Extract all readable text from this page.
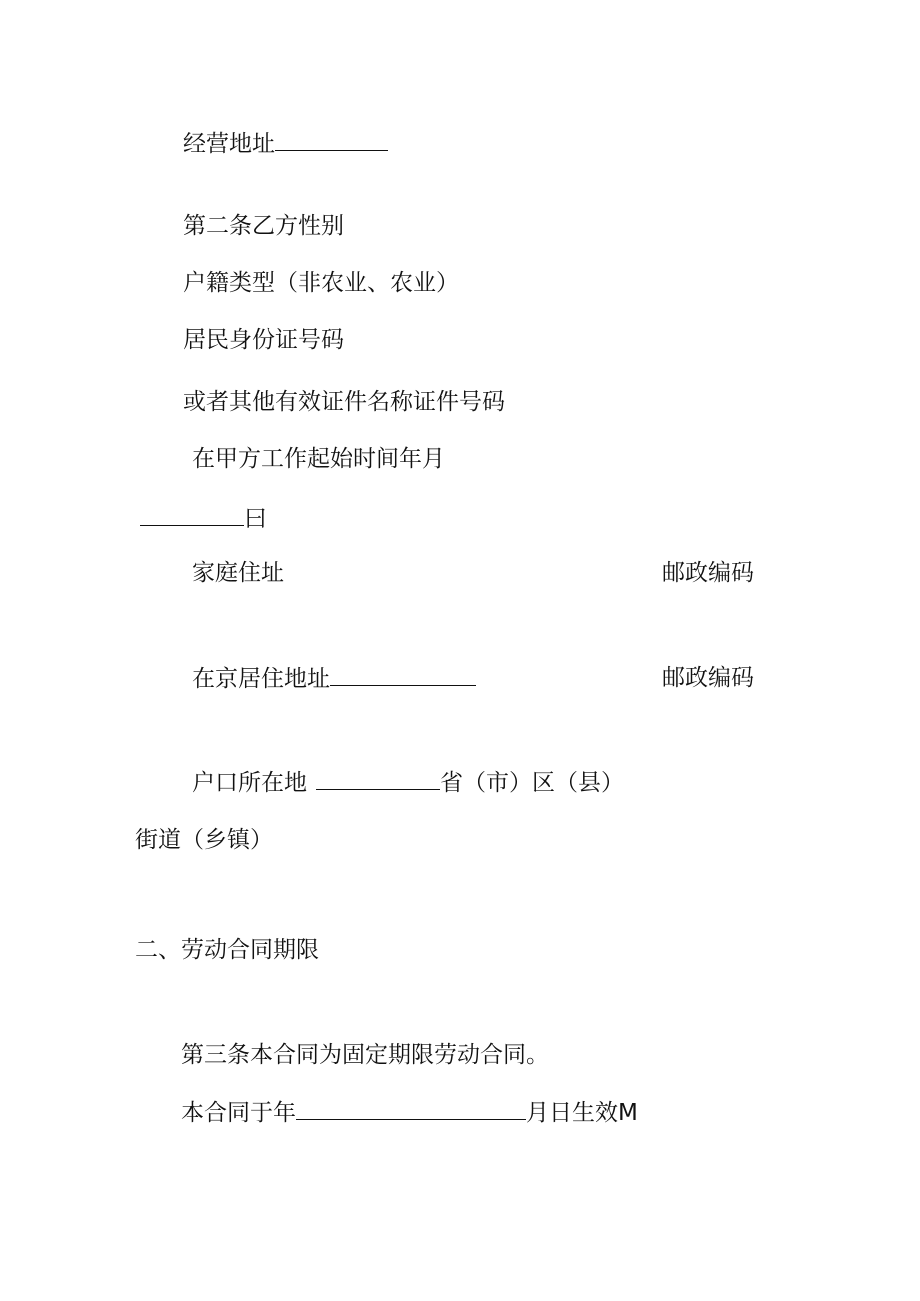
经营地址
第二条乙方性别
户籍类型（非农业、农业）
居民身份证号码
或者其他有效证件名称证件号码
在甲方工作起始时间年月
曰
家庭住址	邮政编码
在京居住地址	邮政编码
户口所在地	省（市）区（县）
街道（乡镇）
二、劳动合同期限
第三条本合同为固定期限劳动合同。
本合同于年	月日生效M
